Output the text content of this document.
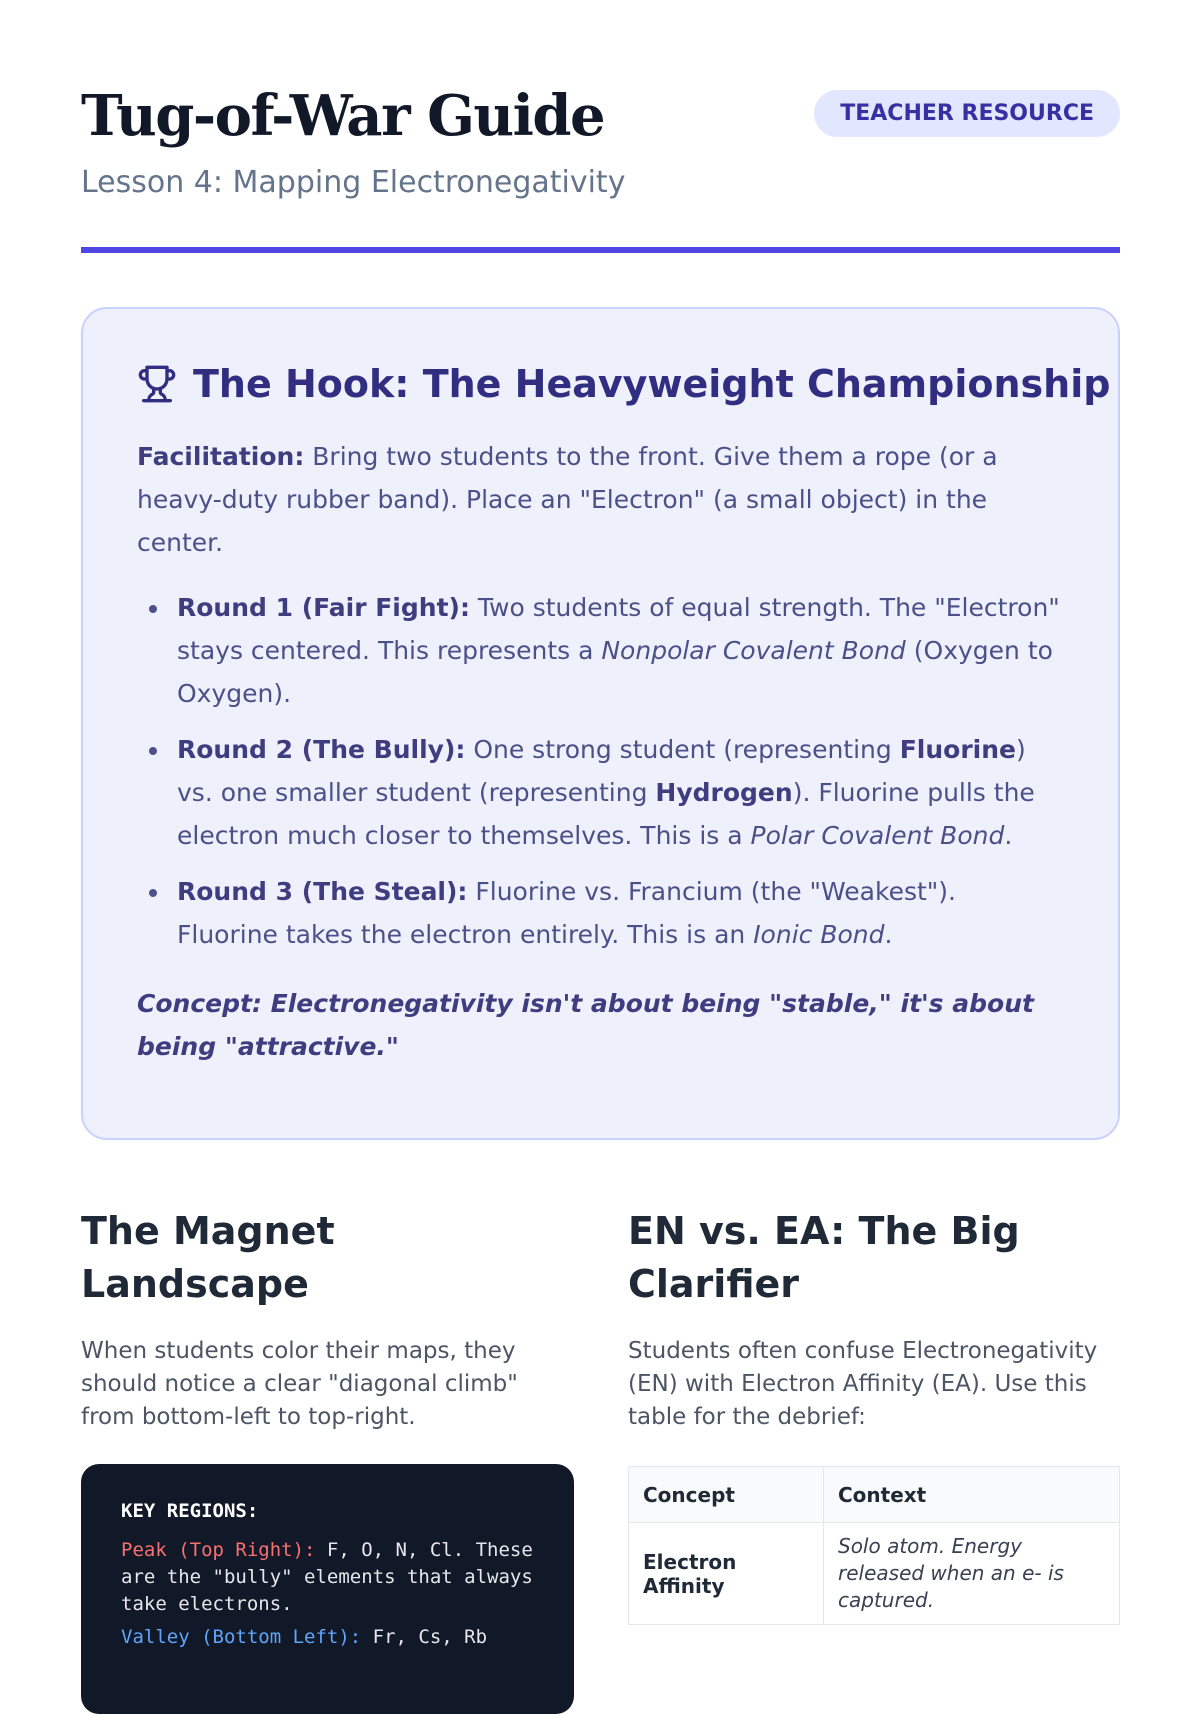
Tug-of-War Guide
Lesson 4: Mapping Electronegativity
TEACHER RESOURCE
The Hook: The Heavyweight Championship

Facilitation: Bring two students to the front. Give them a rope (or a heavy-duty rubber band). Place an "Electron" (a small object) in the center.

Round 1 (Fair Fight): Two students of equal strength. The "Electron" stays centered. This represents a Nonpolar Covalent Bond (Oxygen to Oxygen).
Round 2 (The Bully): One strong student (representing Fluorine) vs. one smaller student (representing Hydrogen). Fluorine pulls the electron much closer to themselves. This is a Polar Covalent Bond.
Round 3 (The Steal): Fluorine vs. Francium (the "Weakest"). Fluorine takes the electron entirely. This is an Ionic Bond.

Concept: Electronegativity isn't about being "stable," it's about being "attractive."

The Magnet Landscape

When students color their maps, they should notice a clear "diagonal climb" from bottom-left to top-right.

KEY REGIONS:

Peak (Top Right): F, O, N, Cl. These are the "bully" elements that always take electrons.

Valley (Bottom Left): Fr, Cs, Rb

EN vs. EA: The Big Clarifier

Students often confuse Electronegativity (EN) with Electron Affinity (EA). Use this table for the debrief:

Concept	Context
Electron Affinity	Solo atom. Energy released when an e- is captured.
